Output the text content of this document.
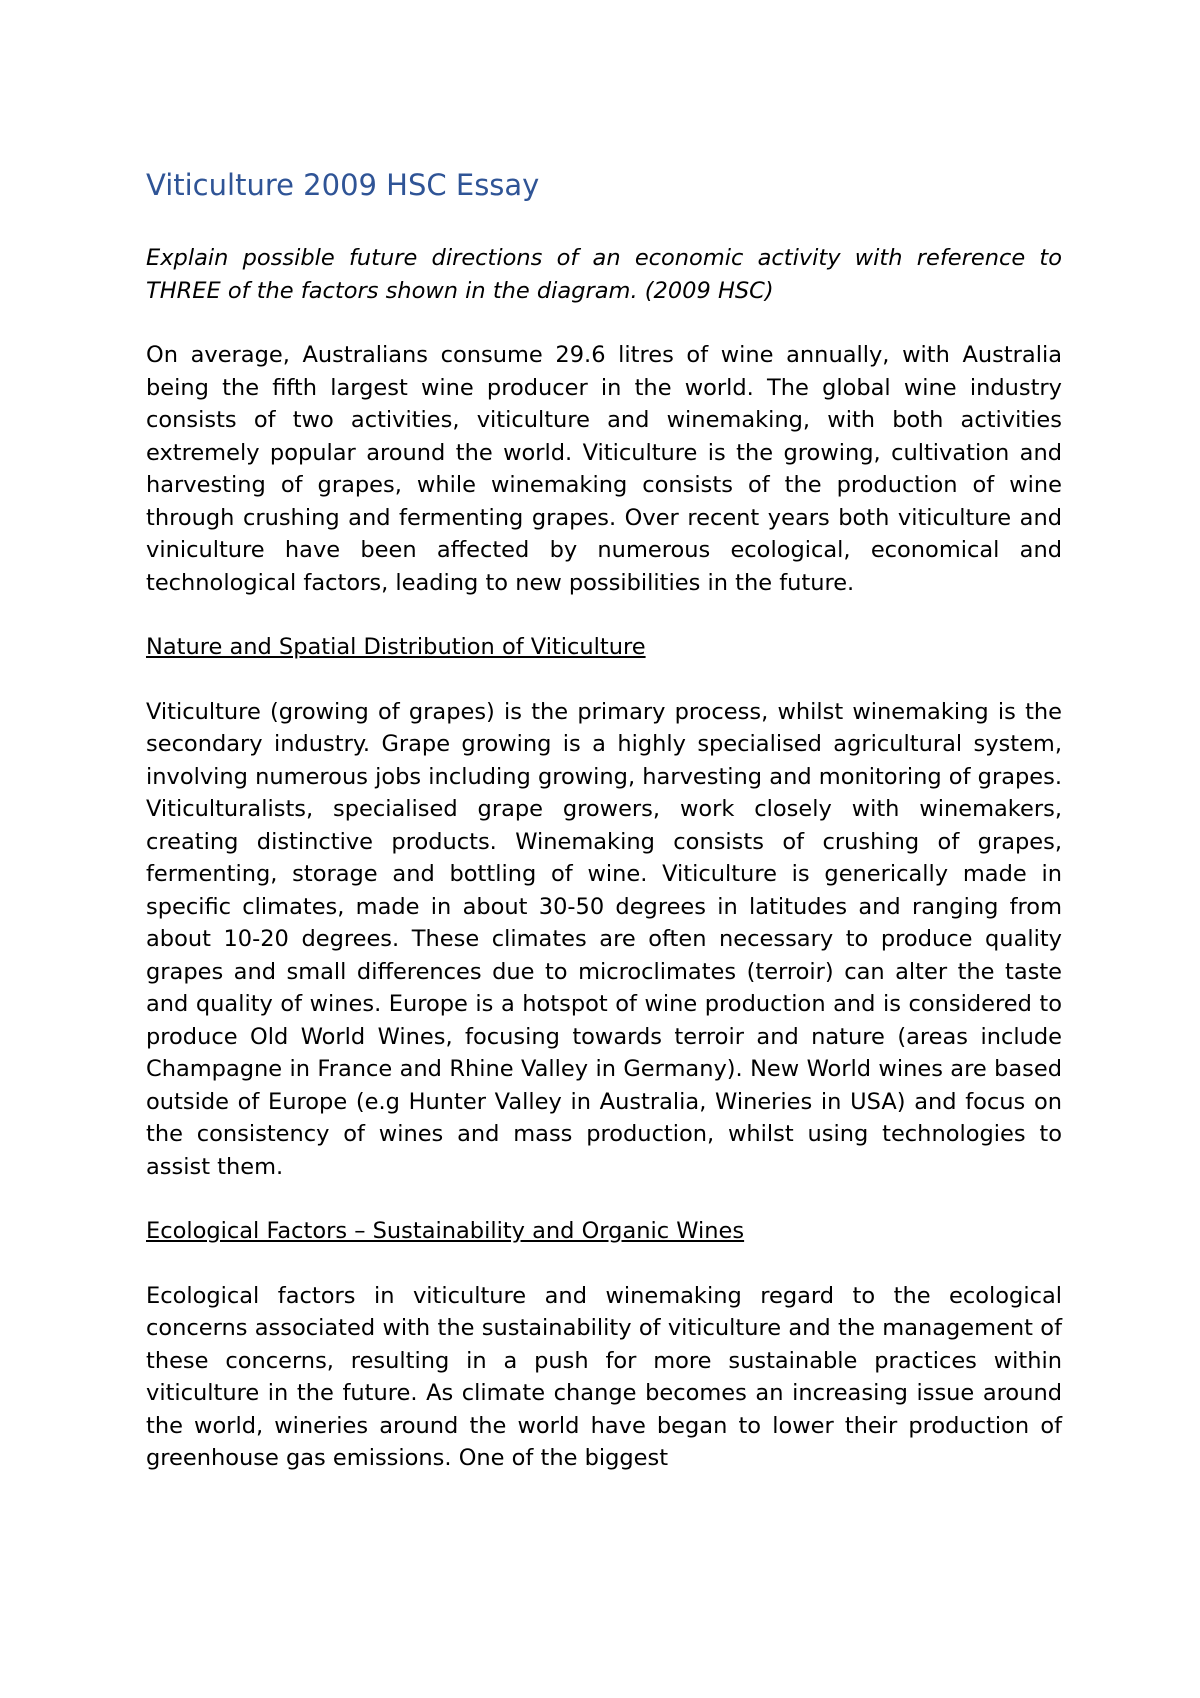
Viticulture 2009 HSC Essay

Explain possible future directions of an economic activity with reference to THREE of the factors shown in the diagram. (2009 HSC)

On average, Australians consume 29.6 litres of wine annually, with Australia being the fifth largest wine producer in the world. The global wine industry consists of two activities, viticulture and winemaking, with both activities extremely popular around the world. Viticulture is the growing, cultivation and harvesting of grapes, while winemaking consists of the production of wine through crushing and fermenting grapes. Over recent years both viticulture and viniculture have been affected by numerous ecological, economical and technological factors, leading to new possibilities in the future.

Nature and Spatial Distribution of Viticulture

Viticulture (growing of grapes) is the primary process, whilst winemaking is the secondary industry. Grape growing is a highly specialised agricultural system, involving numerous jobs including growing, harvesting and monitoring of grapes. Viticulturalists, specialised grape growers, work closely with winemakers, creating distinctive products. Winemaking consists of crushing of grapes, fermenting, storage and bottling of wine. Viticulture is generically made in specific climates, made in about 30-50 degrees in latitudes and ranging from about 10-20 degrees. These climates are often necessary to produce quality grapes and small differences due to microclimates (terroir) can alter the taste and quality of wines. Europe is a hotspot of wine production and is considered to produce Old World Wines, focusing towards terroir and nature (areas include Champagne in France and Rhine Valley in Germany). New World wines are based outside of Europe (e.g Hunter Valley in Australia, Wineries in USA) and focus on the consistency of wines and mass production, whilst using technologies to assist them.

Ecological Factors – Sustainability and Organic Wines

Ecological factors in viticulture and winemaking regard to the ecological concerns associated with the sustainability of viticulture and the management of these concerns, resulting in a push for more sustainable practices within viticulture in the future. As climate change becomes an increasing issue around the world, wineries around the world have began to lower their production of greenhouse gas emissions. One of the biggest
